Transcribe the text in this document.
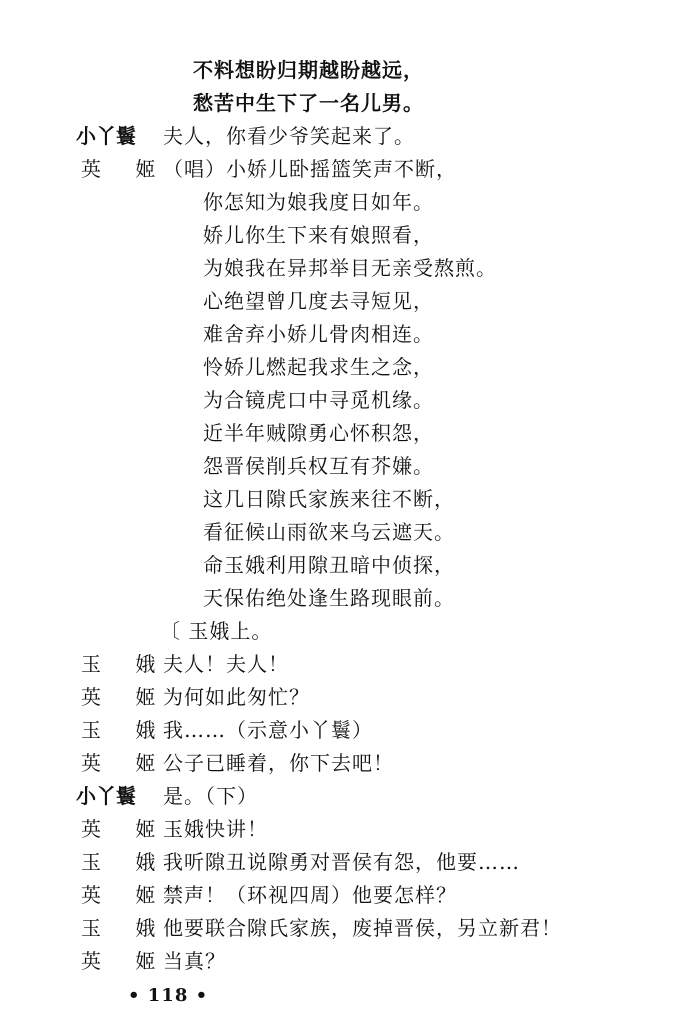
不料想盼归期越盼越远，
愁苦中生下了一名儿男。
小丫鬟 夫人，你看少爷笑起来了。
英 姬
（唱）小娇儿卧摇篮笑声不断，
你怎知为娘我度日如年。
娇儿你生下来有娘照看，
为娘我在异邦举目无亲受熬煎。
心绝望曾几度去寻短见，
难舍弃小娇儿骨肉相连。
怜娇儿燃起我求生之念，
为合镜虎口中寻觅机缘。
近半年贼隙勇心怀积怨，
怨晋侯削兵权互有芥嫌。
这几日隙氏家族来往不断，
看征候山雨欲来乌云遮天。
命玉娥利用隙丑暗中侦探，
天保佑绝处逢生路现眼前。
〔 玉娥上。
玉 娥
夫人！夫人！
英 姬
为何如此匆忙？
玉 娥
我……（示意小丫鬟）
英 姬
公子已睡着，你下去吧！
小丫鬟 是。（下）
英 姬
玉娥快讲！
玉 娥
我听隙丑说隙勇对晋侯有怨，他要……
英 姬
禁声！（环视四周）他要怎样？
玉 娥
他要联合隙氏家族，废掉晋侯，另立新君！
英 姬
当真？
• 118 •
